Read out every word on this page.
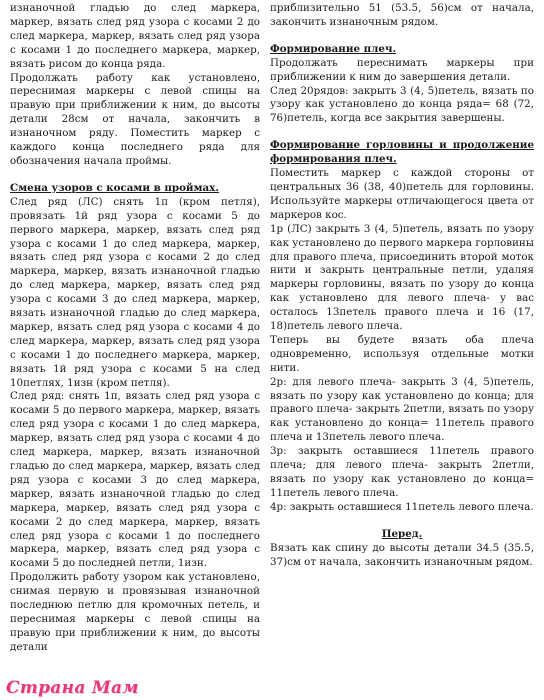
изнаночной гладью до след маркера, маркер, вязать след ряд узора с косами 2 до след маркера, маркер, вязать след ряд узора с косами 1 до последнего маркера, маркер, вязать рисом до конца ряда.

Продолжать работу как установлено, переснимая маркеры с левой спицы на правую при приближении к ним, до высоты детали 28см от начала, закончить в изнаночном ряду. Поместить маркер с каждого конца последнего ряда для обозначения начала проймы.

Смена узоров с косами в проймах.

След ряд (ЛС) снять 1п (кром петля), провязать 1й ряд узора с косами 5 до первого маркера, маркер, вязать след ряд узора с косами 1 до след маркера, маркер, вязать след ряд узора с косами 2 до след маркера, маркер, вязать изнаночной гладью до след маркера, маркер, вязать след ряд узора с косами 3 до след маркера, маркер, вязать изнаночной гладью до след маркера, маркер, вязать след ряд узора с косами 4 до след маркера, маркер, вязать след ряд узора с косами 1 до последнего маркера, маркер, вязать 1й ряд узора с косами 5 на след 10петлях, 1изн (кром петля).

След ряд: снять 1п, вязать след ряд узора с косами 5 до первого маркера, маркер, вязать след ряд узора с косами 1 до след маркера, маркер, вязать след ряд узора с косами 4 до след маркера, маркер, вязать изнаночной гладью до след маркера, маркер, вязать след ряд узора с косами 3 до след маркера, маркер, вязать изнаночной гладью до след маркера, маркер, вязать след ряд узора с косами 2 до след маркера, маркер, вязать след ряд узора с косами 1 до последнего маркера, маркер, вязать след ряд узора с косами 5 до последней петли, 1изн.

Продолжить работу узором как установлено, снимая первую и провязывая изнаночной последнюю петлю для кромочных петель, и переснимая маркеры с левой спицы на правую при приближении к ним, до высоты детали

приблизительно 51 (53.5, 56)см от начала, закончить изнаночным рядом.

Формирование плеч.

Продолжать переснимать маркеры при приближении к ним до завершения детали.

След 20рядов: закрыть 3 (4, 5)петель, вязать по узору как установлено до конца ряда= 68 (72, 76)петель, когда все закрытия завершены.

Формирование горловины и продолжение формирования плеч.

Поместить маркер с каждой стороны от центральных 36 (38, 40)петель для горловины. Используйте маркеры отличающегося цвета от маркеров кос.

1р (ЛС) закрыть 3 (4, 5)петель, вязать по узору как установлено до первого маркера горловины для правого плеча, присоединить второй моток нити и закрыть центральные петли, удаляя маркеры горловины, вязать по узору до конца как установлено для левого плеча- у вас осталось 13петель правого плеча и 16 (17, 18)петель левого плеча.

Теперь вы будете вязать оба плеча одновременно, используя отдельные мотки нити.

2р: для левого плеча- закрыть 3 (4, 5)петель, вязать по узору как установлено до конца; для правого плеча- закрыть 2петли, вязать по узору как установлено до конца= 11петель правого плеча и 13петель левого плеча.

3р: закрыть оставшиеся 11петель правого плеча; для левого плеча- закрыть 2петли, вязать по узору как установлено до конца= 11петель левого плеча.

4р: закрыть оставшиеся 11петель левого плеча.

Перед.

Вязать как спину до высоты детали 34.5 (35.5, 37)см от начала, закончить изнаночным рядом.

Страна Мам
